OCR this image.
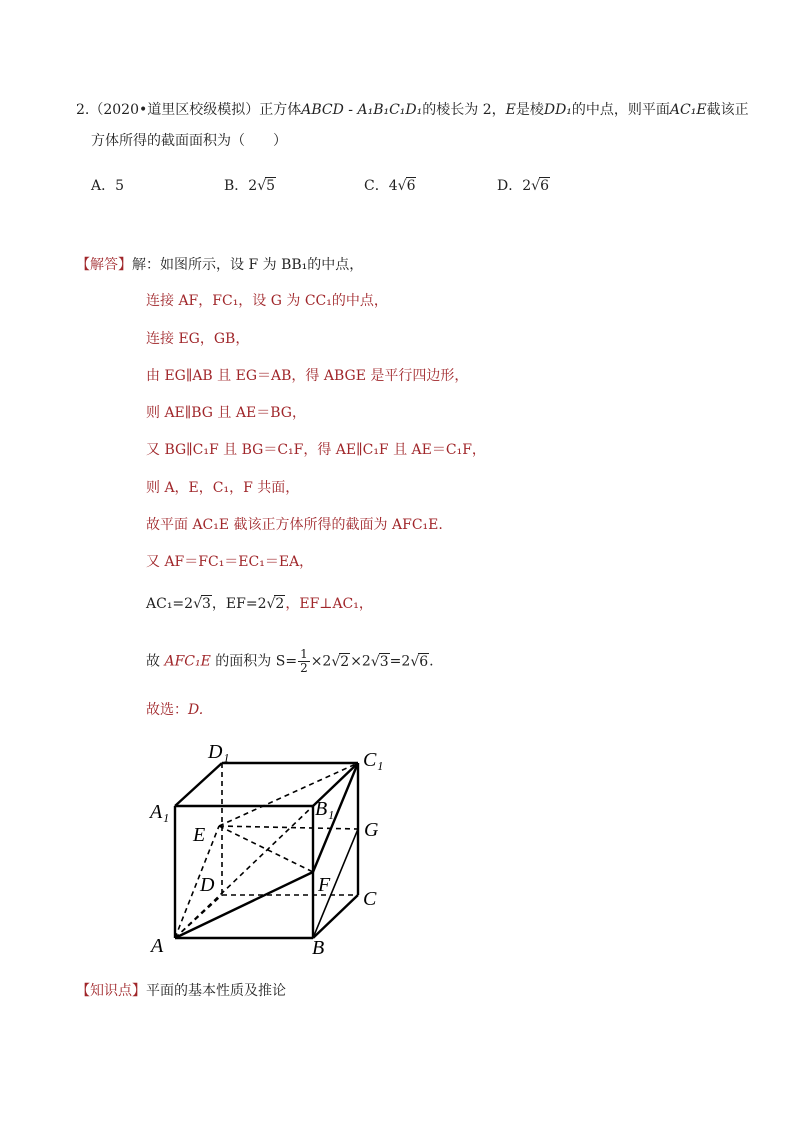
2.（2020•道里区校级模拟）正方体ABCD - A₁B₁C₁D₁的棱长为 2，E是棱DD₁的中点，则平面AC₁E截该正
方体所得的截面面积为（　　）
A．5	B．2√5	C．4√6	D．2√6
【解答】解：如图所示，设 F 为 BB₁的中点，
连接 AF，FC₁，设 G 为 CC₁的中点，
连接 EG，GB，
由 EG∥AB 且 EG＝AB，得 ABGE 是平行四边形，
则 AE∥BG 且 AE＝BG，
又 BG∥C₁F 且 BG＝C₁F，得 AE∥C₁F 且 AE＝C₁F，
则 A，E，C₁，F 共面，
故平面 AC₁E 截该正方体所得的截面为 AFC₁E.
又 AF＝FC₁＝EC₁＝EA，
AC₁=2√3，EF=2√2，EF⊥AC₁，
故 AFC₁E 的面积为 $S= \frac{1}{2} \times 2√2\times 2√3=2√6$.
故选：D.
D₁	C₁
A₁	B₁
E	G
D	F
C
A	B
【知识点】平面的基本性质及推论
